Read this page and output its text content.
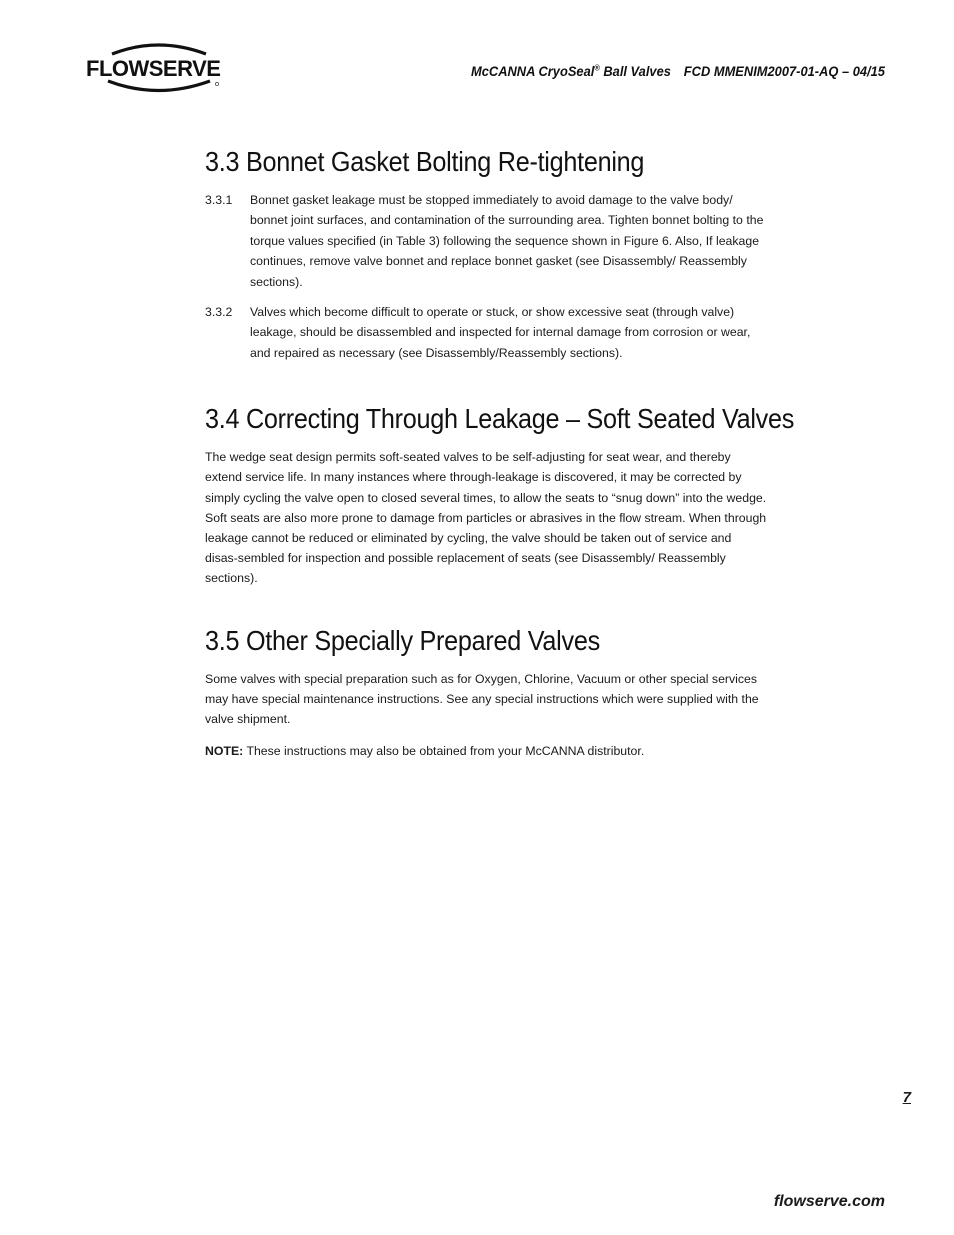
FLOWSERVE	McCANNA CryoSeal® Ball Valves FCD MMENIM2007-01-AQ – 04/15
3.3 Bonnet Gasket Bolting Re-tightening
3.3.1	Bonnet gasket leakage must be stopped immediately to avoid damage to the valve body/ bonnet joint surfaces, and contamination of the surrounding area. Tighten bonnet bolting to the torque values specified (in Table 3) following the sequence shown in Figure 6. Also, If leakage continues, remove valve bonnet and replace bonnet gasket (see Disassembly/ Reassembly sections).
3.3.2	Valves which become difficult to operate or stuck, or show excessive seat (through valve) leakage, should be disassembled and inspected for internal damage from corrosion or wear, and repaired as necessary (see Disassembly/Reassembly sections).
3.4 Correcting Through Leakage – Soft Seated Valves

The wedge seat design permits soft-seated valves to be self-adjusting for seat wear, and thereby extend service life. In many instances where through-leakage is discovered, it may be corrected by simply cycling the valve open to closed several times, to allow the seats to “snug down” into the wedge. Soft seats are also more prone to damage from particles or abrasives in the flow stream. When through leakage cannot be reduced or eliminated by cycling, the valve should be taken out of service and disas-sembled for inspection and possible replacement of seats (see Disassembly/ Reassembly sections).

3.5 Other Specially Prepared Valves

Some valves with special preparation such as for Oxygen, Chlorine, Vacuum or other special services may have special maintenance instructions. See any special instructions which were supplied with the valve shipment.

NOTE: These instructions may also be obtained from your McCANNA distributor.

7
flowserve.com
